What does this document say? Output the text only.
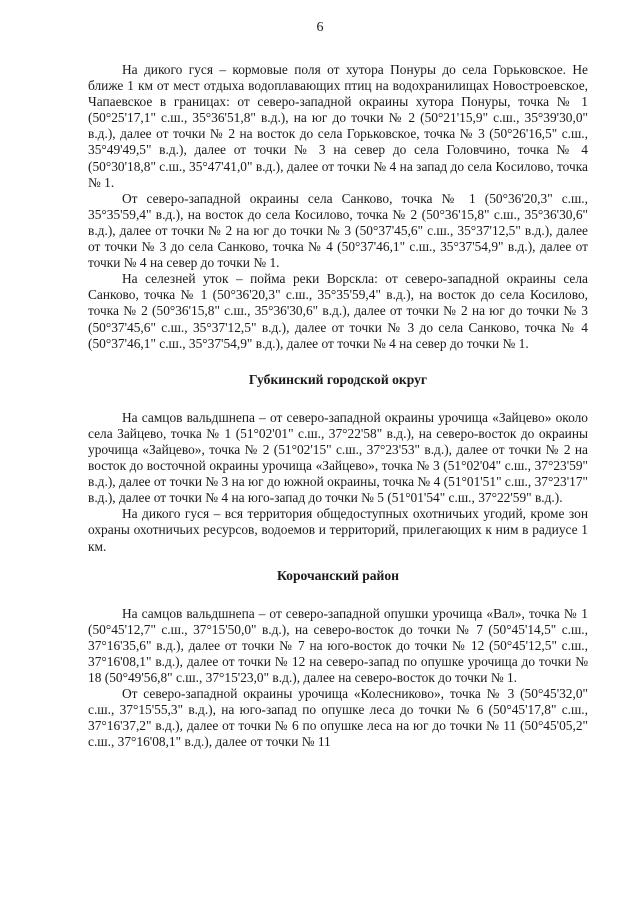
6

На дикого гуся – кормовые поля от хутора Понуры до села Горьковское. Не ближе 1 км от мест отдыха водоплавающих птиц на водохранилищах Новостроевское, Чапаевское в границах: от северо-западной окраины хутора Понуры, точка № 1 (50°25'17,1" с.ш., 35°36'51,8" в.д.), на юг до точки № 2 (50°21'15,9" с.ш., 35°39'30,0" в.д.), далее от точки № 2 на восток до села Горьковское, точка № 3 (50°26'16,5" с.ш., 35°49'49,5" в.д.), далее от точки № 3 на север до села Головчино, точка № 4 (50°30'18,8" с.ш., 35°47'41,0" в.д.), далее от точки № 4 на запад до села Косилово, точка № 1.

От северо-западной окраины села Санково, точка № 1 (50°36'20,3" с.ш., 35°35'59,4" в.д.), на восток до села Косилово, точка № 2 (50°36'15,8" с.ш., 35°36'30,6" в.д.), далее от точки № 2 на юг до точки № 3 (50°37'45,6" с.ш., 35°37'12,5" в.д.), далее от точки № 3 до села Санково, точка № 4 (50°37'46,1" с.ш., 35°37'54,9" в.д.), далее от точки № 4 на север до точки № 1.

На селезней уток – пойма реки Ворскла: от северо-западной окраины села Санково, точка № 1 (50°36'20,3" с.ш., 35°35'59,4" в.д.), на восток до села Косилово, точка № 2 (50°36'15,8" с.ш., 35°36'30,6" в.д.), далее от точки № 2 на юг до точки № 3 (50°37'45,6" с.ш., 35°37'12,5" в.д.), далее от точки № 3 до села Санково, точка № 4 (50°37'46,1" с.ш., 35°37'54,9" в.д.), далее от точки № 4 на север до точки № 1.

Губкинский городской округ

На самцов вальдшнепа – от северо-западной окраины урочища «Зайцево» около села Зайцево, точка № 1 (51°02'01" с.ш., 37°22'58" в.д.), на северо-восток до окраины урочища «Зайцево», точка № 2 (51°02'15" с.ш., 37°23'53" в.д.), далее от точки № 2 на восток до восточной окраины урочища «Зайцево», точка № 3 (51°02'04" с.ш., 37°23'59" в.д.), далее от точки № 3 на юг до южной окраины, точка № 4 (51°01'51" с.ш., 37°23'17" в.д.), далее от точки № 4 на юго-запад до точки № 5 (51°01'54" с.ш., 37°22'59" в.д.).

На дикого гуся – вся территория общедоступных охотничьих угодий, кроме зон охраны охотничьих ресурсов, водоемов и территорий, прилегающих к ним в радиусе 1 км.

Корочанский район

На самцов вальдшнепа – от северо-западной опушки урочища «Вал», точка № 1 (50°45'12,7" с.ш., 37°15'50,0" в.д.), на северо-восток до точки № 7 (50°45'14,5" с.ш., 37°16'35,6" в.д.), далее от точки № 7 на юго-восток до точки № 12 (50°45'12,5" с.ш., 37°16'08,1" в.д.), далее от точки № 12 на северо-запад по опушке урочища до точки № 18 (50°49'56,8" с.ш., 37°15'23,0" в.д.), далее на северо-восток до точки № 1.

От северо-западной окраины урочища «Колесниково», точка № 3 (50°45'32,0" с.ш., 37°15'55,3" в.д.), на юго-запад по опушке леса до точки № 6 (50°45'17,8" с.ш., 37°16'37,2" в.д.), далее от точки № 6 по опушке леса на юг до точки № 11 (50°45'05,2" с.ш., 37°16'08,1" в.д.), далее от точки № 11
